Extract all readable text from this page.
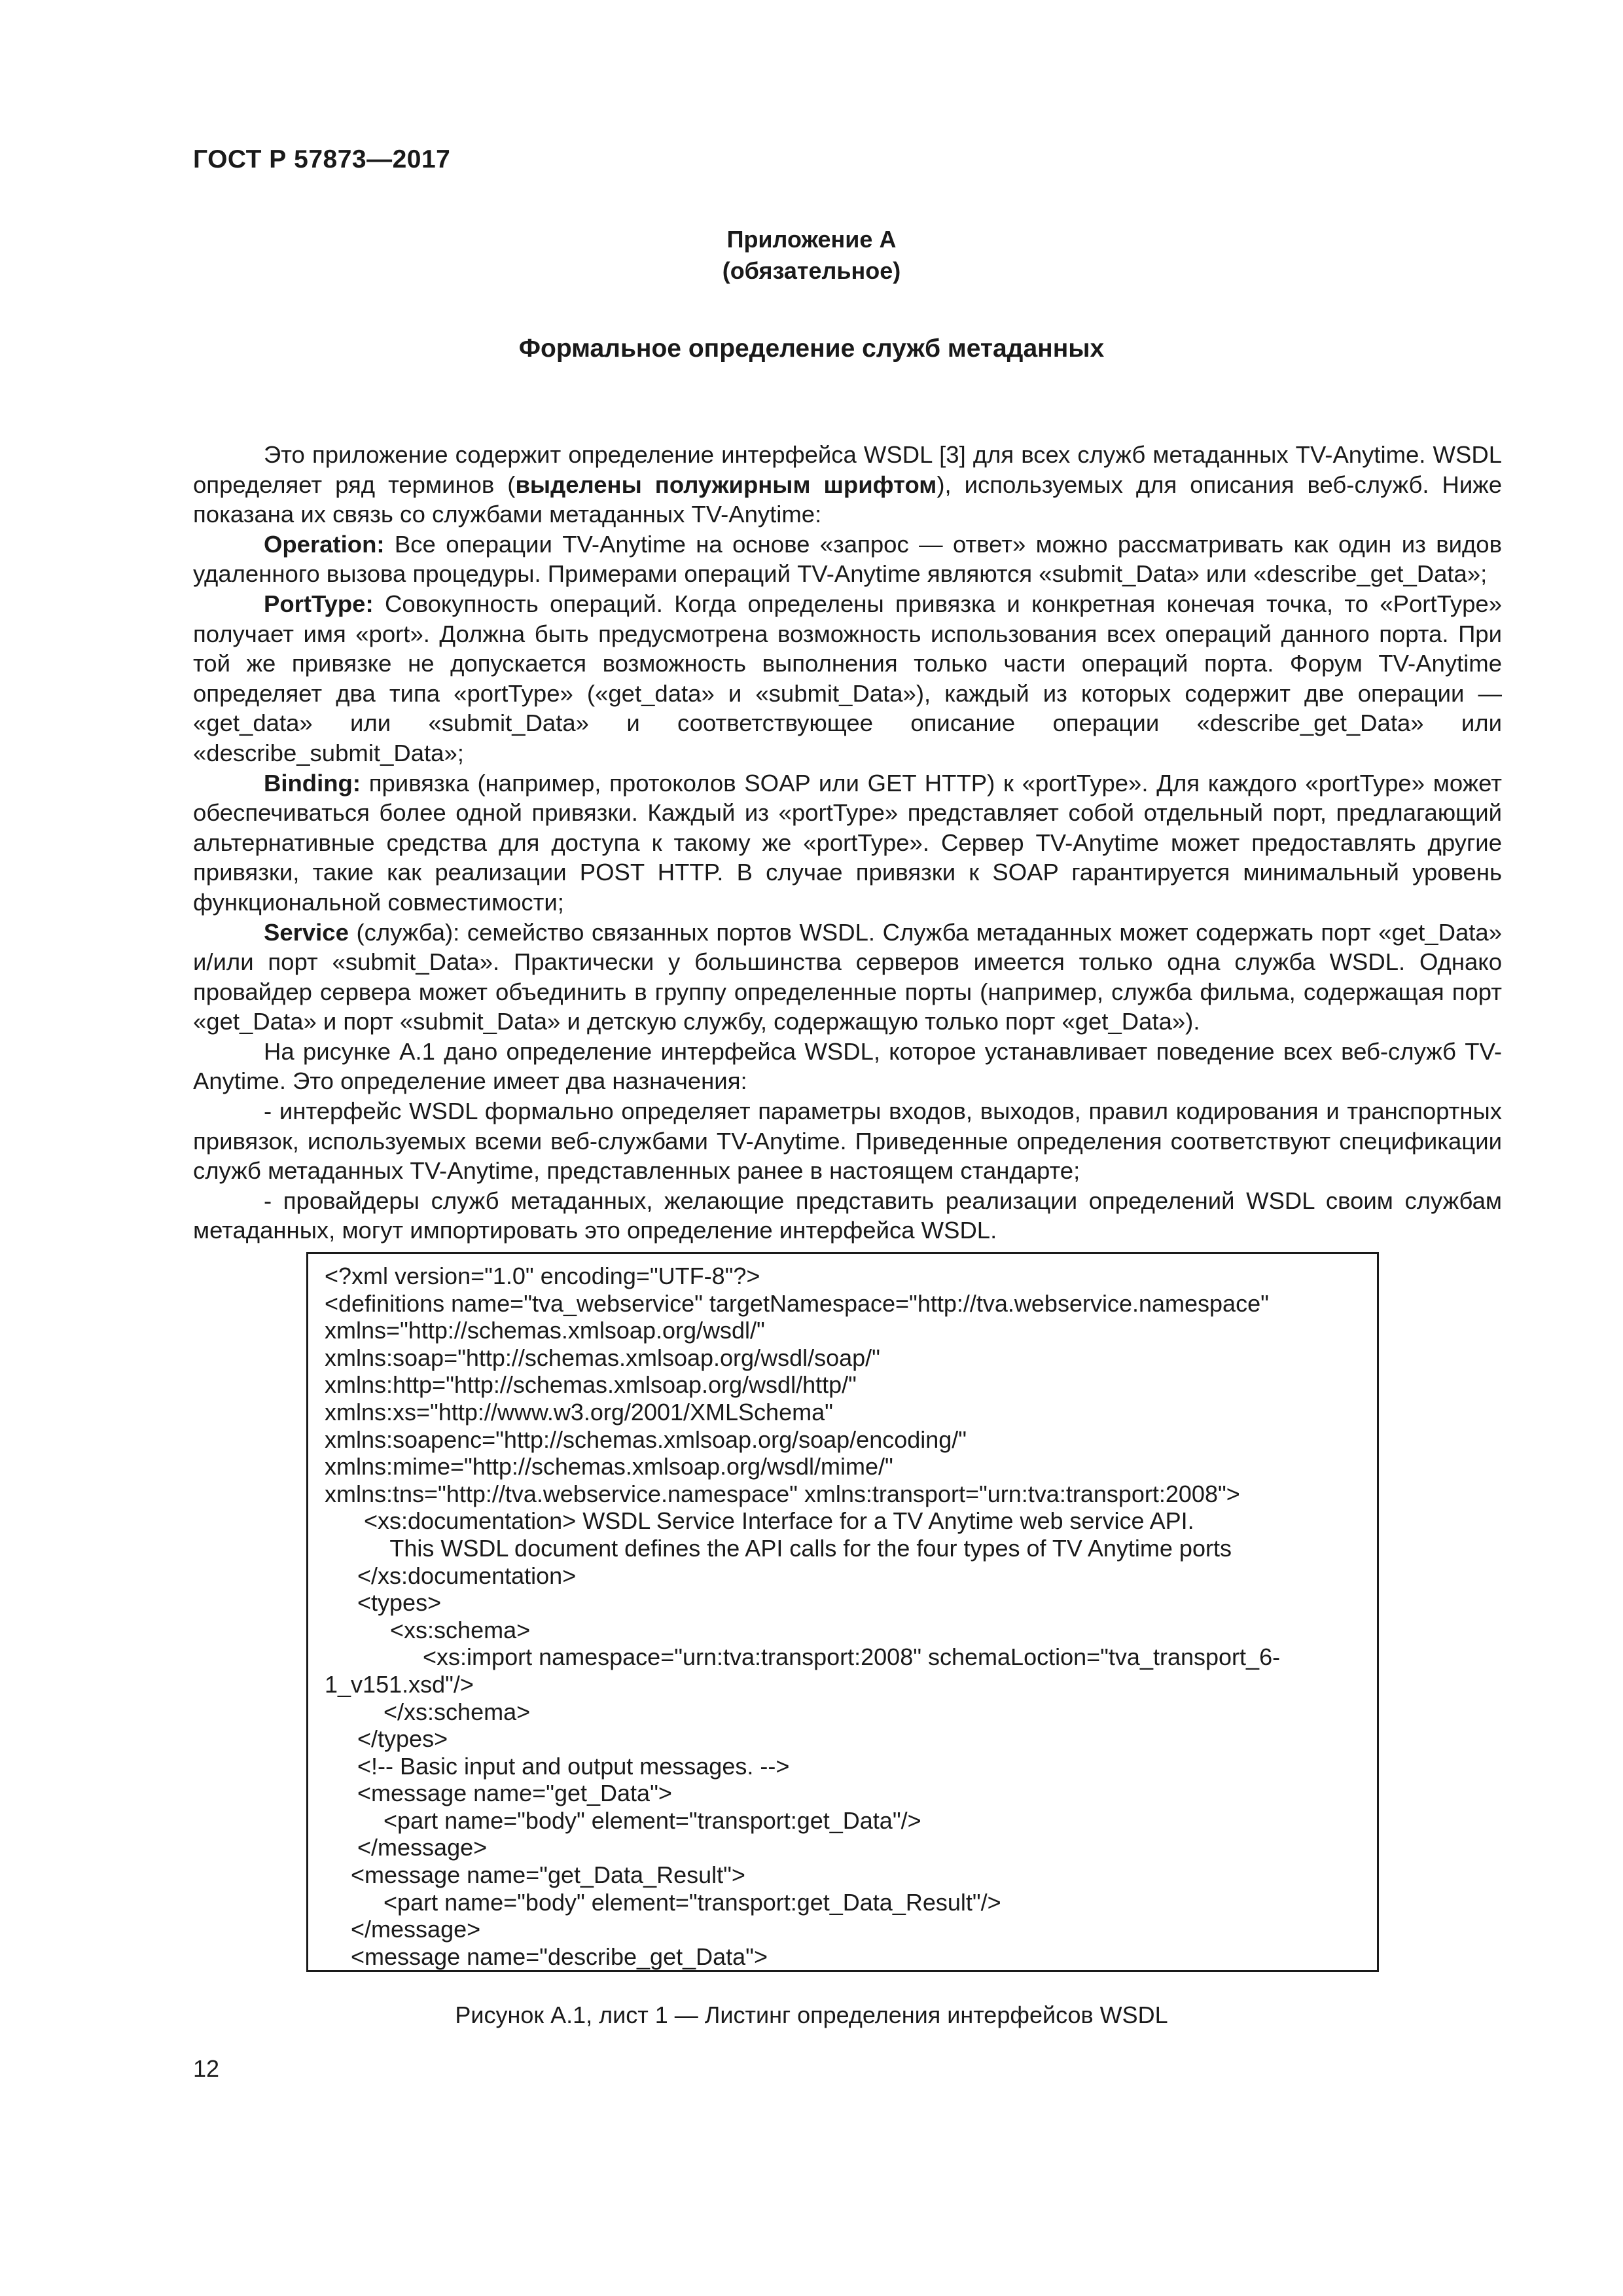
ГОСТ Р 57873—2017
Приложение А
(обязательное)
Формальное определение служб метаданных

Это приложение содержит определение интерфейса WSDL [3] для всех служб метаданных TV-Anytime. WSDL определяет ряд терминов (выделены полужирным шрифтом), используемых для описания веб-служб. Ниже показана их связь со службами метаданных TV-Anytime:

Operation: Все операции TV-Anytime на основе «запрос — ответ» можно рассматривать как один из видов удаленного вызова процедуры. Примерами операций TV-Anytime являются «submit_Data» или «describe_get_Data»;

PortType: Совокупность операций. Когда определены привязка и конкретная конечая точка, то «PortType» получает имя «port». Должна быть предусмотрена возможность использования всех операций данного порта. При той же привязке не допускается возможность выполнения только части операций порта. Форум TV-Anytime определяет два типа «portType» («get_data» и «submit_Data»), каждый из которых содержит две операции — «get_data» или «submit_Data» и соответствующее описание операции «describe_get_Data» или «describe_submit_Data»;

Binding: привязка (например, протоколов SOAP или GET HTTP) к «portType». Для каждого «portType» может обеспечиваться более одной привязки. Каждый из «portType» представляет собой отдельный порт, предлагающий альтернативные средства для доступа к такому же «portType». Сервер TV-Anytime может предоставлять другие привязки, такие как реализации POST HTTP. В случае привязки к SOAP гарантируется минимальный уровень функциональной совместимости;

Service (служба): семейство связанных портов WSDL. Служба метаданных может содержать порт «get_Data» и/или порт «submit_Data». Практически у большинства серверов имеется только одна служба WSDL. Однако провайдер сервера может объединить в группу определенные порты (например, служба фильма, содержащая порт «get_Data» и порт «submit_Data» и детскую службу, содержащую только порт «get_Data»).

На рисунке А.1 дано определение интерфейса WSDL, которое устанавливает поведение всех веб-служб TV-Anytime. Это определение имеет два назначения:

- интерфейс WSDL формально определяет параметры входов, выходов, правил кодирования и транспортных привязок, используемых всеми веб-службами TV-Anytime. Приведенные определения соответствуют спецификации служб метаданных TV-Anytime, представленных ранее в настоящем стандарте;

- провайдеры служб метаданных, желающие представить реализации определений WSDL своим службам метаданных, могут импортировать это определение интерфейса WSDL.

<?xml version="1.0" encoding="UTF-8"?>
<definitions name="tva_webservice" targetNamespace="http://tva.webservice.namespace"
xmlns="http://schemas.xmlsoap.org/wsdl/"
xmlns:soap="http://schemas.xmlsoap.org/wsdl/soap/"
xmlns:http="http://schemas.xmlsoap.org/wsdl/http/"
xmlns:xs="http://www.w3.org/2001/XMLSchema"
xmlns:soapenc="http://schemas.xmlsoap.org/soap/encoding/"
xmlns:mime="http://schemas.xmlsoap.org/wsdl/mime/"
xmlns:tns="http://tva.webservice.namespace" xmlns:transport="urn:tva:transport:2008">
<xs:documentation> WSDL Service Interface for a TV Anytime web service API.
This WSDL document defines the API calls for the four types of TV Anytime ports
</xs:documentation>
<types>
<xs:schema>
<xs:import namespace="urn:tva:transport:2008" schemaLoction="tva_transport_6-
1_v151.xsd"/>
</xs:schema>
</types>
<!-- Basic input and output messages. -->
<message name="get_Data">
<part name="body" element="transport:get_Data"/>
</message>
<message name="get_Data_Result">
<part name="body" element="transport:get_Data_Result"/>
</message>
<message name="describe_get_Data">
Рисунок А.1, лист 1 — Листинг определения интерфейсов WSDL
12
